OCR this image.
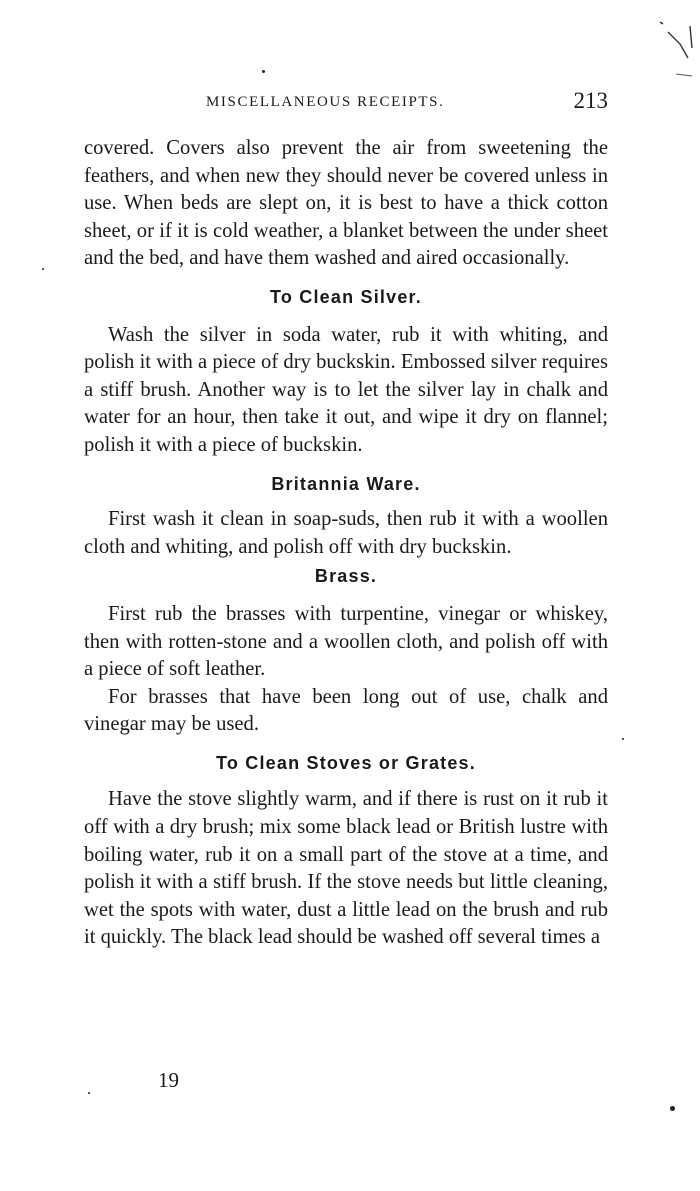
MISCELLANEOUS RECEIPTS.	213

covered. Covers also prevent the air from sweetening the feathers, and when new they should never be covered unless in use. When beds are slept on, it is best to have a thick cotton sheet, or if it is cold weather, a blanket between the under sheet and the bed, and have them washed and aired occasionally.

To Clean Silver.

Wash the silver in soda water, rub it with whiting, and polish it with a piece of dry buckskin. Embossed silver requires a stiff brush. Another way is to let the silver lay in chalk and water for an hour, then take it out, and wipe it dry on flannel; polish it with a piece of buckskin.

Britannia Ware.

First wash it clean in soap-suds, then rub it with a woollen cloth and whiting, and polish off with dry buckskin.

Brass.

First rub the brasses with turpentine, vinegar or whiskey, then with rotten-stone and a woollen cloth, and polish off with a piece of soft leather.

For brasses that have been long out of use, chalk and vinegar may be used.

To Clean Stoves or Grates.

Have the stove slightly warm, and if there is rust on it rub it off with a dry brush; mix some black lead or British lustre with boiling water, rub it on a small part of the stove at a time, and polish it with a stiff brush. If the stove needs but little cleaning, wet the spots with water, dust a little lead on the brush and rub it quickly. The black lead should be washed off several times a

19
